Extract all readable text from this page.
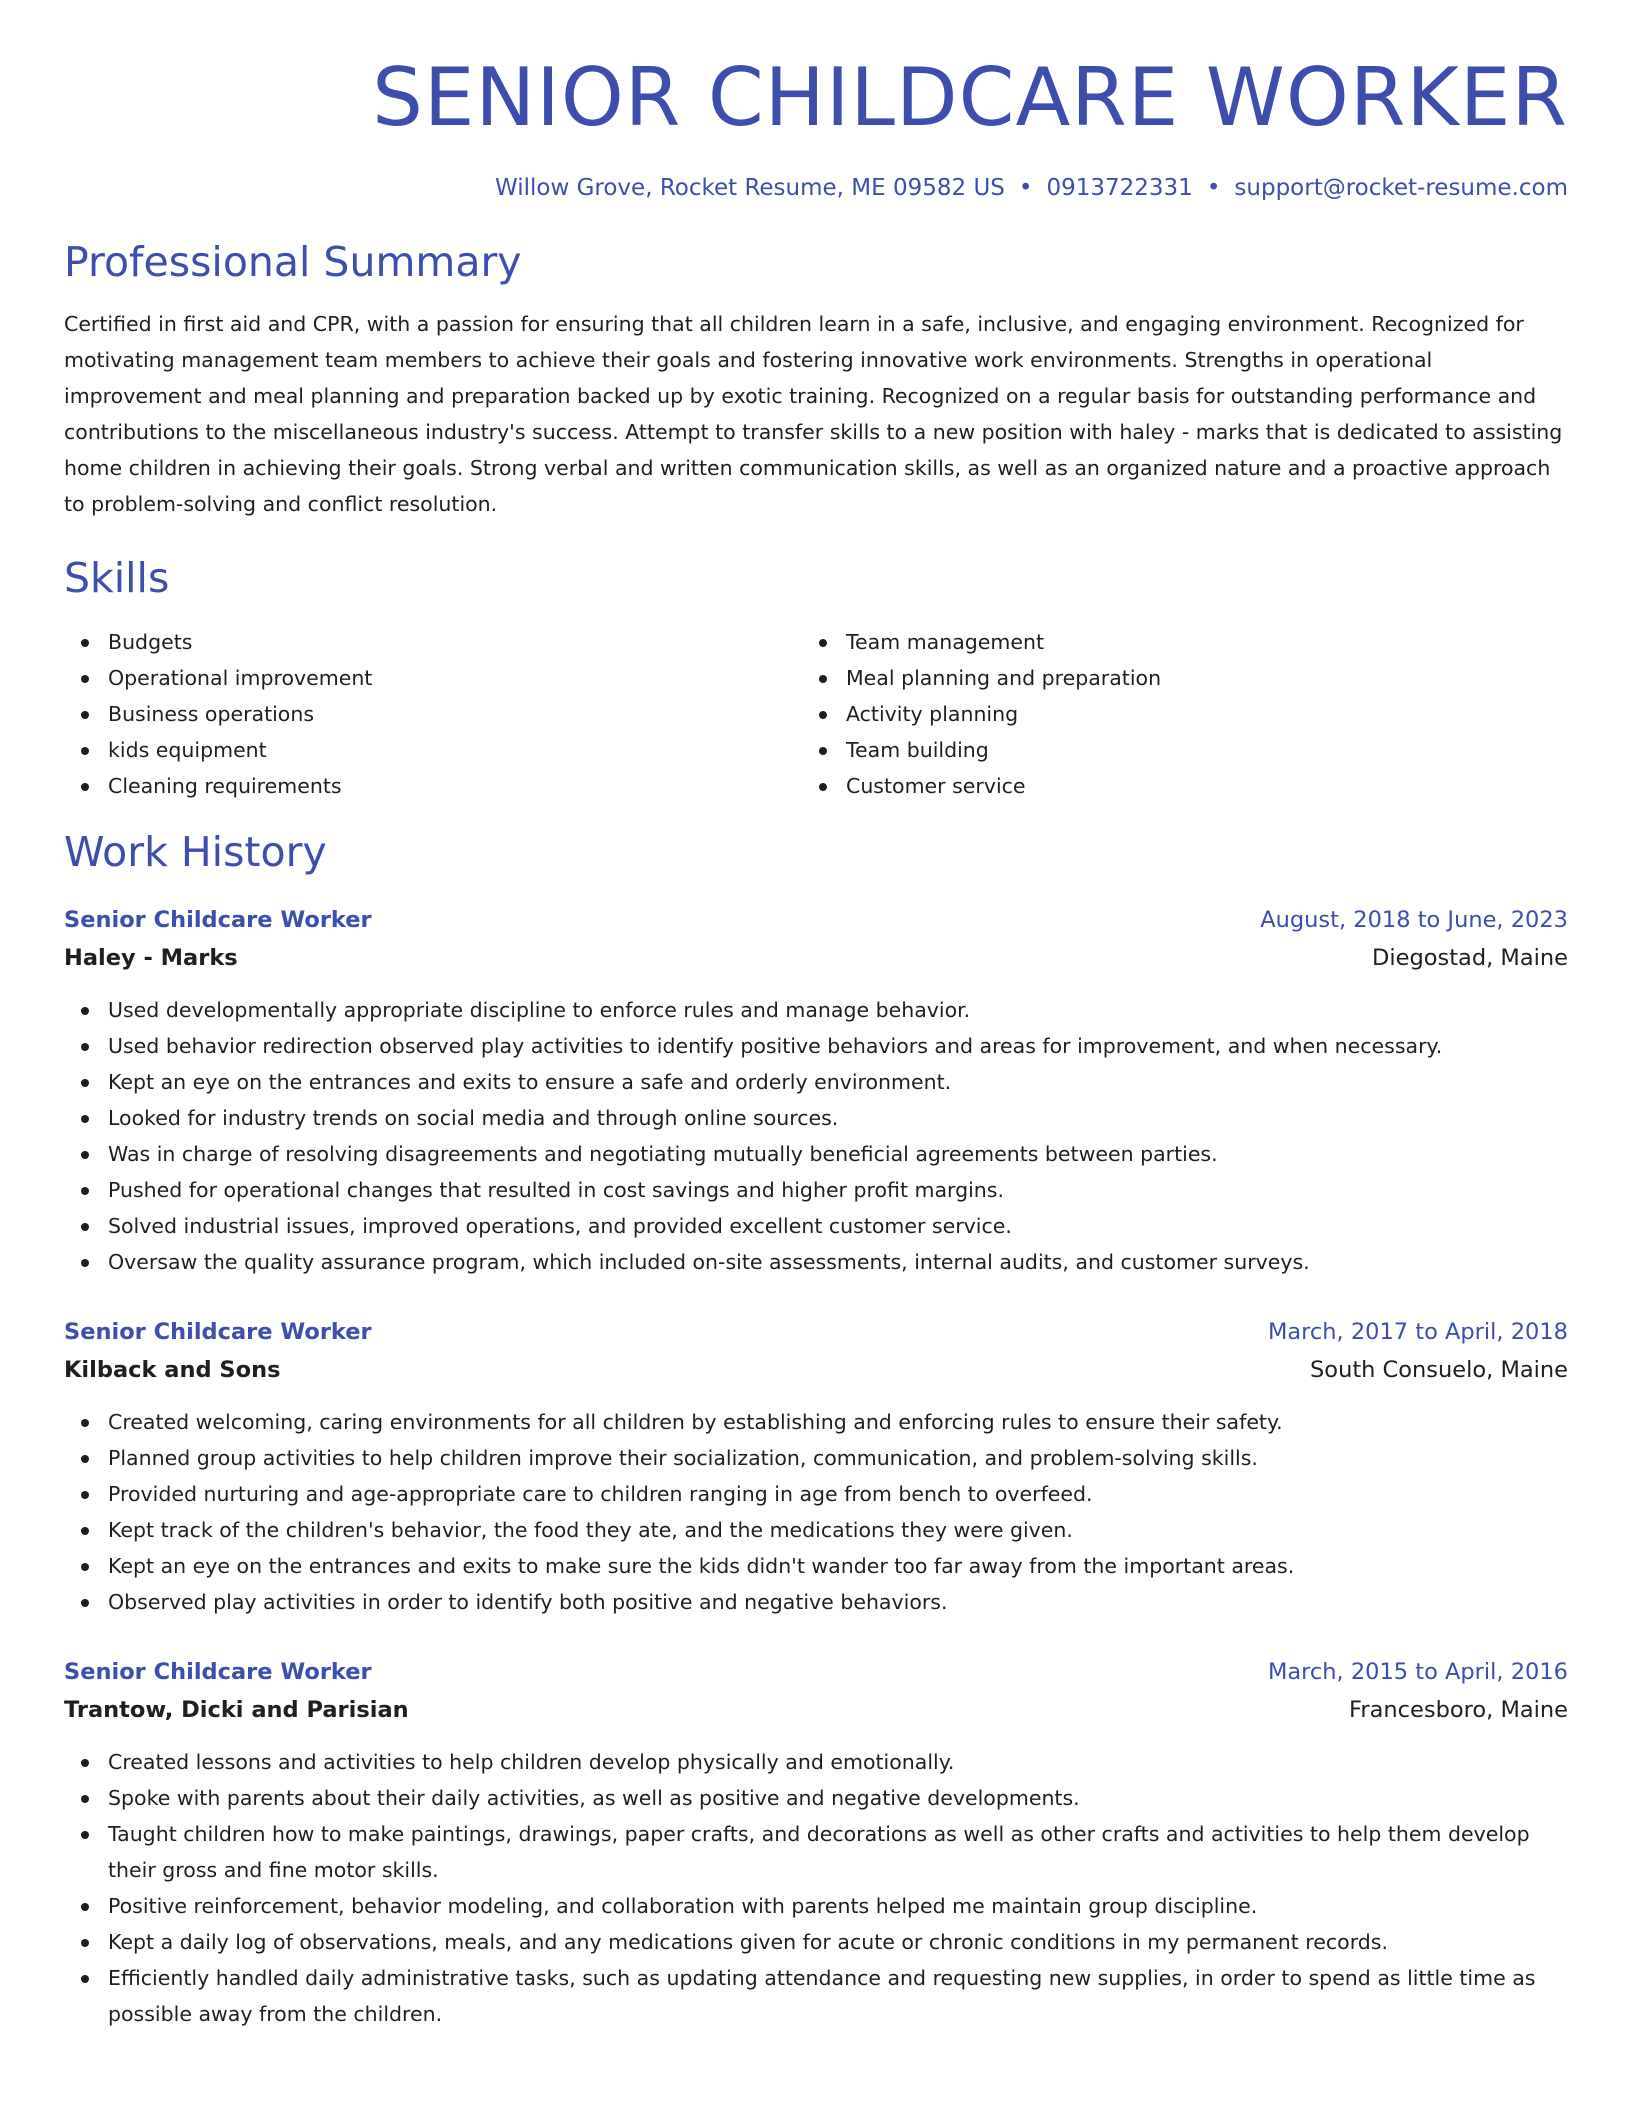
SENIOR CHILDCARE WORKER
Willow Grove, Rocket Resume, ME 09582 US • 0913722331 • support@rocket-resume.com
Professional Summary
Certified in first aid and CPR, with a passion for ensuring that all children learn in a safe, inclusive, and engaging environment. Recognized for motivating management team members to achieve their goals and fostering innovative work environments. Strengths in operational improvement and meal planning and preparation backed up by exotic training. Recognized on a regular basis for outstanding performance and contributions to the miscellaneous industry's success. Attempt to transfer skills to a new position with haley - marks that is dedicated to assisting home children in achieving their goals. Strong verbal and written communication skills, as well as an organized nature and a proactive approach to problem-solving and conflict resolution.
Skills
Budgets
Operational improvement
Business operations
kids equipment
Cleaning requirements
Team management
Meal planning and preparation
Activity planning
Team building
Customer service
Work History
Senior Childcare Worker	August, 2018 to June, 2023
Haley - Marks	Diegostad, Maine
Used developmentally appropriate discipline to enforce rules and manage behavior.
Used behavior redirection observed play activities to identify positive behaviors and areas for improvement, and when necessary.
Kept an eye on the entrances and exits to ensure a safe and orderly environment.
Looked for industry trends on social media and through online sources.
Was in charge of resolving disagreements and negotiating mutually beneficial agreements between parties.
Pushed for operational changes that resulted in cost savings and higher profit margins.
Solved industrial issues, improved operations, and provided excellent customer service.
Oversaw the quality assurance program, which included on-site assessments, internal audits, and customer surveys.
Senior Childcare Worker	March, 2017 to April, 2018
Kilback and Sons	South Consuelo, Maine
Created welcoming, caring environments for all children by establishing and enforcing rules to ensure their safety.
Planned group activities to help children improve their socialization, communication, and problem-solving skills.
Provided nurturing and age-appropriate care to children ranging in age from bench to overfeed.
Kept track of the children's behavior, the food they ate, and the medications they were given.
Kept an eye on the entrances and exits to make sure the kids didn't wander too far away from the important areas.
Observed play activities in order to identify both positive and negative behaviors.
Senior Childcare Worker	March, 2015 to April, 2016
Trantow, Dicki and Parisian	Francesboro, Maine
Created lessons and activities to help children develop physically and emotionally.
Spoke with parents about their daily activities, as well as positive and negative developments.
Taught children how to make paintings, drawings, paper crafts, and decorations as well as other crafts and activities to help them develop their gross and fine motor skills.
Positive reinforcement, behavior modeling, and collaboration with parents helped me maintain group discipline.
Kept a daily log of observations, meals, and any medications given for acute or chronic conditions in my permanent records.
Efficiently handled daily administrative tasks, such as updating attendance and requesting new supplies, in order to spend as little time as possible away from the children.
